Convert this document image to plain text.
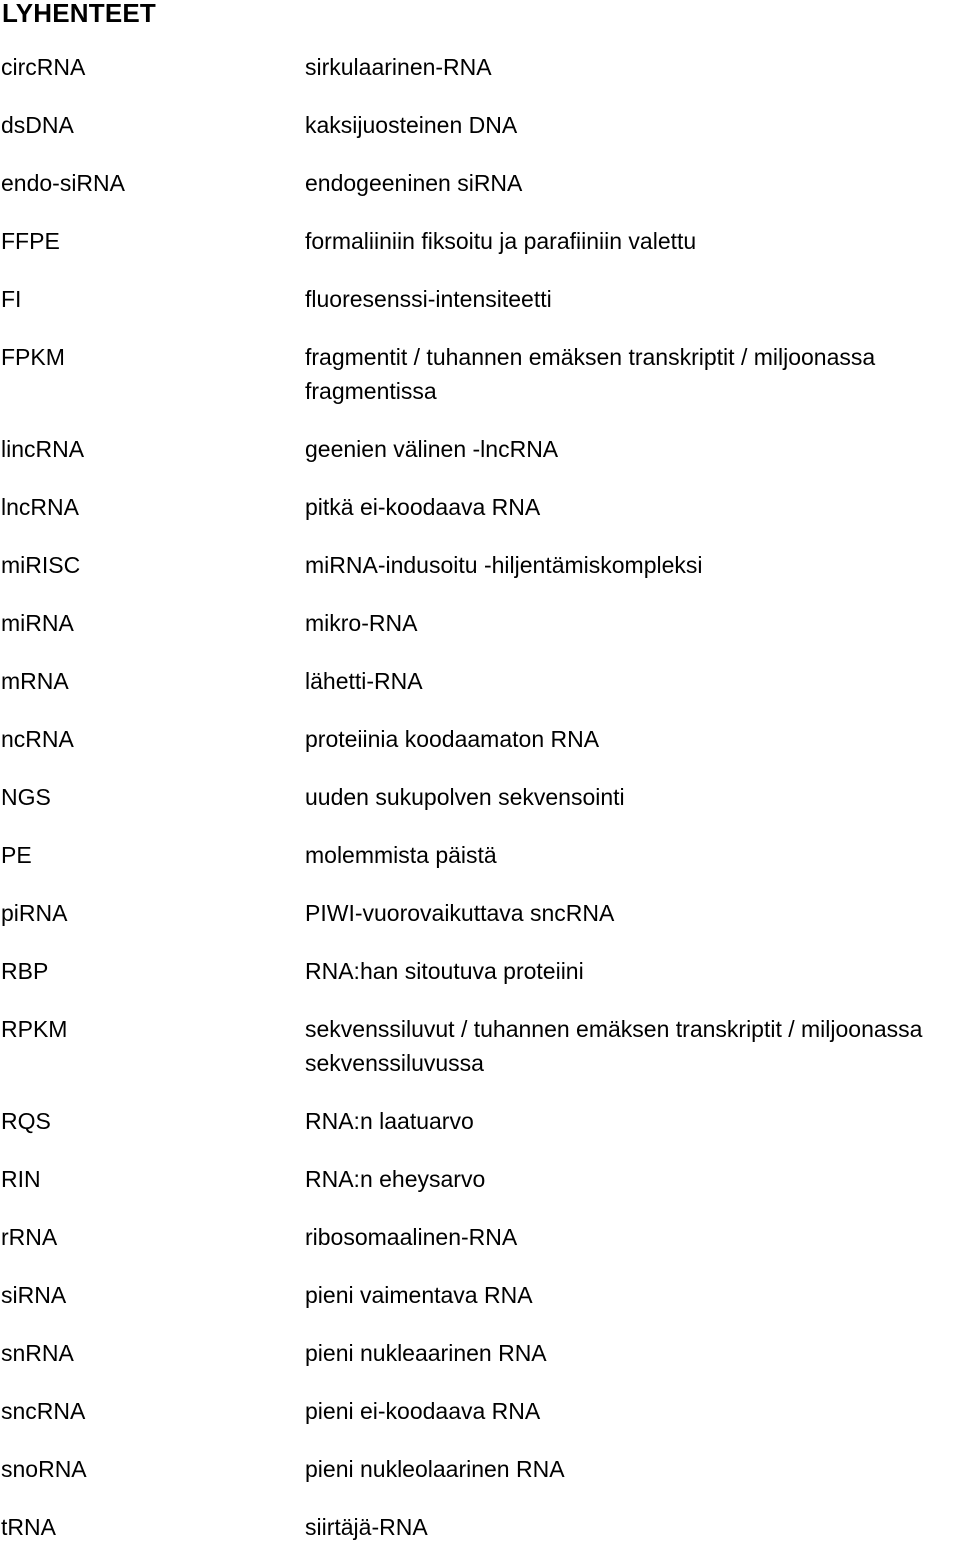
LYHENTEET
circRNA	sirkulaarinen-RNA
dsDNA	kaksijuosteinen DNA
endo-siRNA	endogeeninen siRNA
FFPE	formaliiniin fiksoitu ja parafiiniin valettu
FI	fluoresenssi-intensiteetti
FPKM	fragmentit / tuhannen emäksen transkriptit / miljoonassa fragmentissa
lincRNA	geenien välinen -lncRNA
lncRNA	pitkä ei-koodaava RNA
miRISC	miRNA-indusoitu -hiljentämiskompleksi
miRNA	mikro-RNA
mRNA	lähetti-RNA
ncRNA	proteiinia koodaamaton RNA
NGS	uuden sukupolven sekvensointi
PE	molemmista päistä
piRNA	PIWI-vuorovaikuttava sncRNA
RBP	RNA:han sitoutuva proteiini
RPKM	sekvenssiluvut / tuhannen emäksen transkriptit / miljoonassa sekvenssiluvussa
RQS	RNA:n laatuarvo
RIN	RNA:n eheysarvo
rRNA	ribosomaalinen-RNA
siRNA	pieni vaimentava RNA
snRNA	pieni nukleaarinen RNA
sncRNA	pieni ei-koodaava RNA
snoRNA	pieni nukleolaarinen RNA
tRNA	siirtäjä-RNA
